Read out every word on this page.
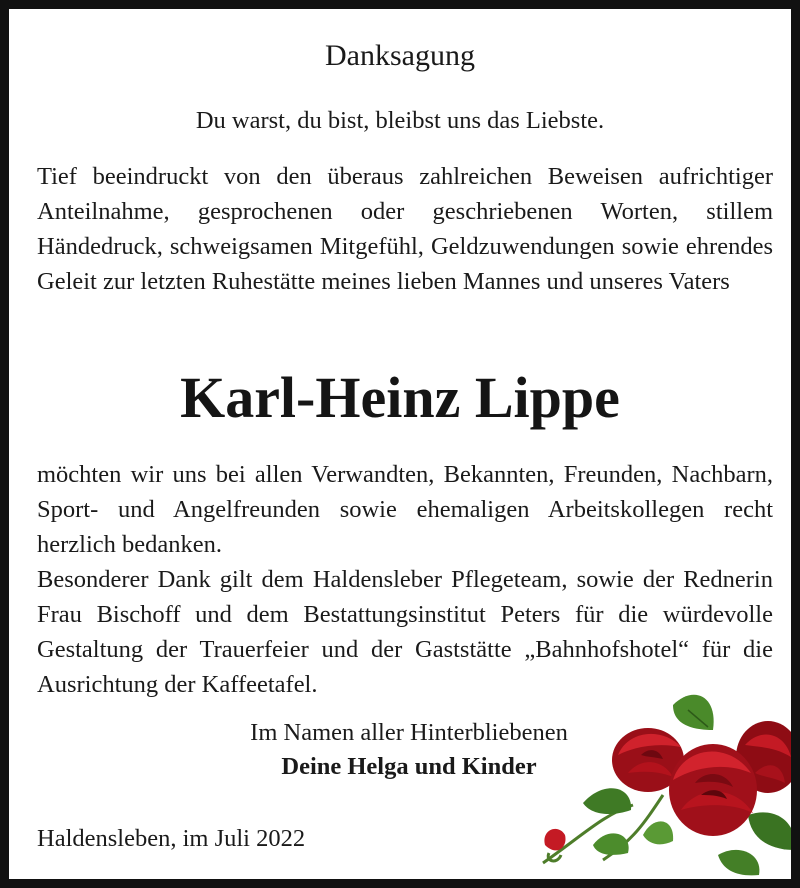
Danksagung
Du warst, du bist, bleibst uns das Liebste.

Tief beeindruckt von den überaus zahlreichen Beweisen aufrichtiger Anteilnahme, gesprochenen oder geschriebenen Worten, stillem Händedruck, schweigsamen Mitgefühl, Geldzuwendungen sowie ehrendes Geleit zur letzten Ruhestätte meines lieben Mannes und unseres Vaters

Karl-Heinz Lippe

möchten wir uns bei allen Verwandten, Bekannten, Freunden, Nachbarn, Sport- und Angelfreunden sowie ehemaligen Arbeitskollegen recht herzlich bedanken.

Besonderer Dank gilt dem Haldensleber Pflegeteam, sowie der Rednerin Frau Bischoff und dem Bestattungsinstitut Peters für die würdevolle Gestaltung der Trauerfeier und der Gaststätte „Bahnhofshotel“ für die Ausrichtung der Kaffeetafel.

Im Namen aller Hinterbliebenen
Deine Helga und Kinder
Haldensleben, im Juli 2022
